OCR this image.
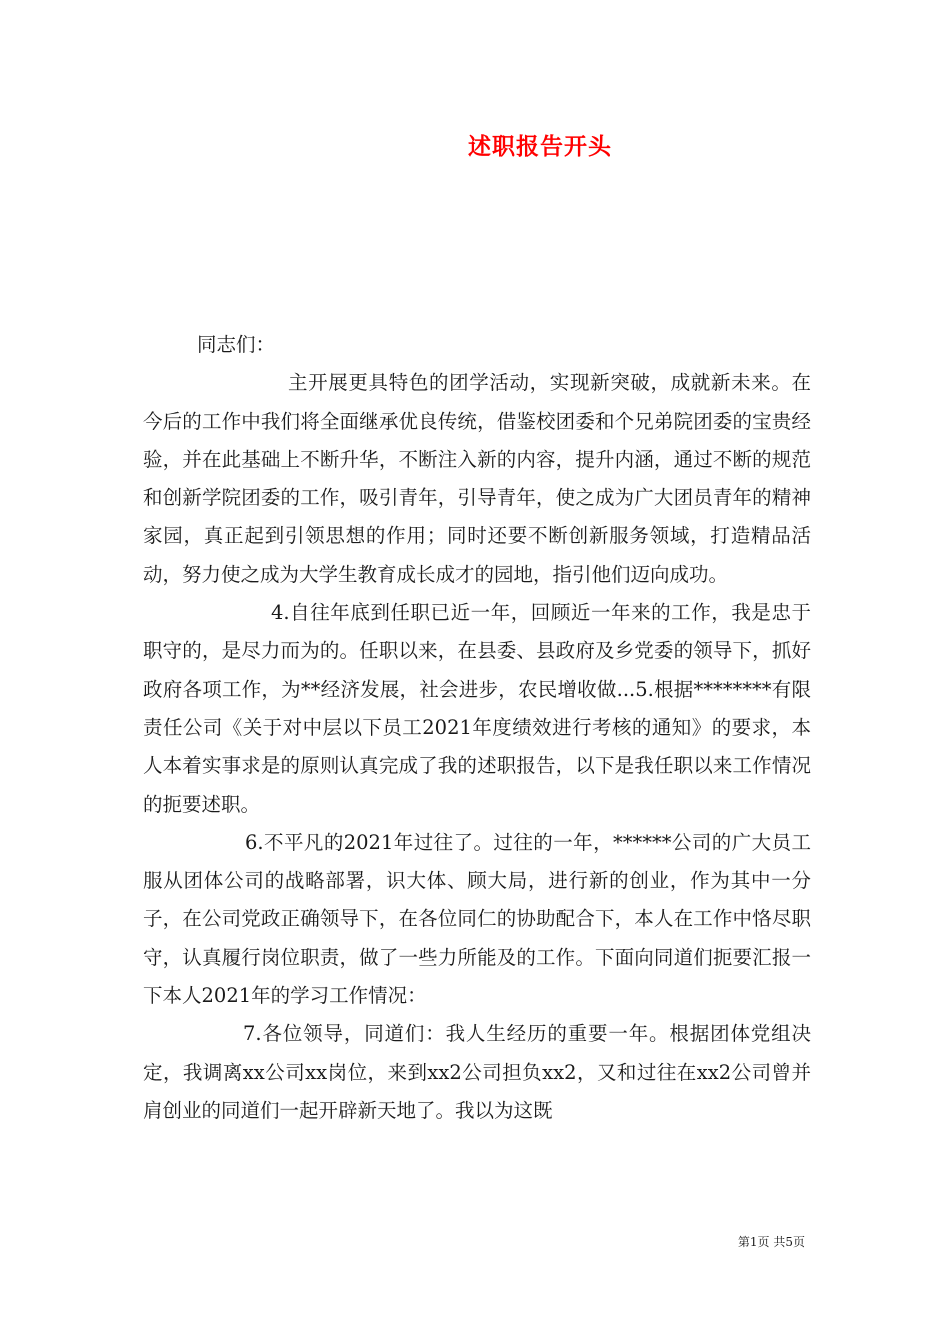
述职报告开头

同志们：

主开展更具特色的团学活动，实现新突破，成就新未来。在今后的工作中我们将全面继承优良传统，借鉴校团委和个兄弟院团委的宝贵经验，并在此基础上不断升华，不断注入新的内容，提升内涵，通过不断的规范和创新学院团委的工作，吸引青年，引导青年，使之成为广大团员青年的精神家园，真正起到引领思想的作用；同时还要不断创新服务领域，打造精品活动，努力使之成为大学生教育成长成才的园地，指引他们迈向成功。

4.自往年底到任职已近一年，回顾近一年来的工作，我是忠于职守的，是尽力而为的。任职以来，在县委、县政府及乡党委的领导下，抓好政府各项工作，为**经济发展，社会进步，农民增收做...5.根据********有限责任公司《关于对中层以下员工2021年度绩效进行考核的通知》的要求，本人本着实事求是的原则认真完成了我的述职报告，以下是我任职以来工作情况的扼要述职。

6.不平凡的2021年过往了。过往的一年，******公司的广大员工服从团体公司的战略部署，识大体、顾大局，进行新的创业，作为其中一分子，在公司党政正确领导下，在各位同仁的协助配合下，本人在工作中恪尽职守，认真履行岗位职责，做了一些力所能及的工作。下面向同道们扼要汇报一下本人2021年的学习工作情况：

7.各位领导，同道们：我人生经历的重要一年。根据团体党组决定，我调离xx公司xx岗位，来到xx2公司担负xx2，又和过往在xx2公司曾并肩创业的同道们一起开辟新天地了。我以为这既

第1页 共5页
